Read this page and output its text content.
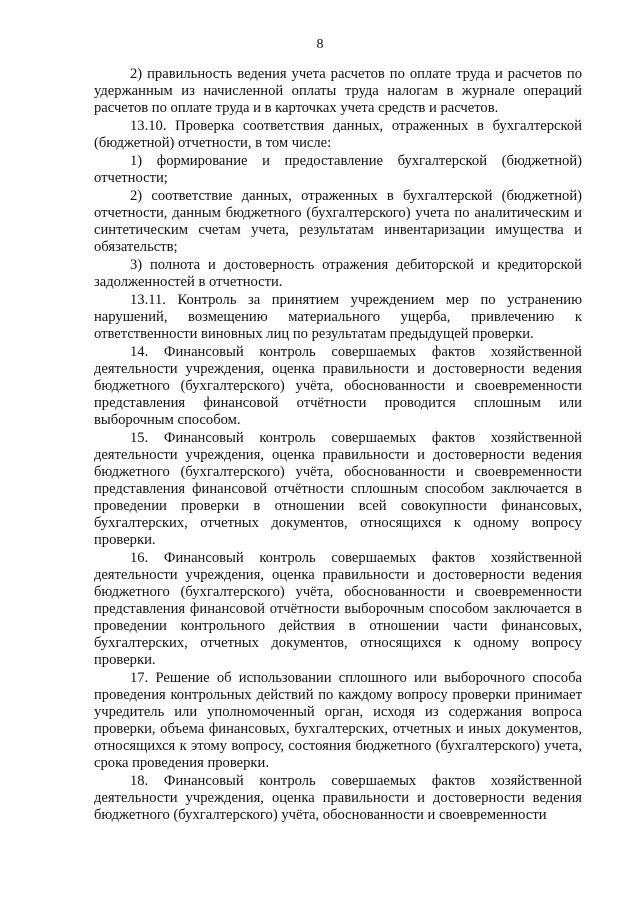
8

2) правильность ведения учета расчетов по оплате труда и расчетов по удержанным из начисленной оплаты труда налогам в журнале операций расчетов по оплате труда и в карточках учета средств и расчетов.

13.10. Проверка соответствия данных, отраженных в бухгалтерской (бюджетной) отчетности, в том числе:

1) формирование и предоставление бухгалтерской (бюджетной) отчетности;

2) соответствие данных, отраженных в бухгалтерской (бюджетной) отчетности, данным бюджетного (бухгалтерского) учета по аналитическим и синтетическим счетам учета, результатам инвентаризации имущества и обязательств;

3) полнота и достоверность отражения дебиторской и кредиторской задолженностей в отчетности.

13.11. Контроль за принятием учреждением мер по устранению нарушений, возмещению материального ущерба, привлечению к ответственности виновных лиц по результатам предыдущей проверки.

14. Финансовый контроль совершаемых фактов хозяйственной деятельности учреждения, оценка правильности и достоверности ведения бюджетного (бухгалтерского) учёта, обоснованности и своевременности представления финансовой отчётности проводится сплошным или выборочным способом.

15. Финансовый контроль совершаемых фактов хозяйственной деятельности учреждения, оценка правильности и достоверности ведения бюджетного (бухгалтерского) учёта, обоснованности и своевременности представления финансовой отчётности сплошным способом заключается в проведении проверки в отношении всей совокупности финансовых, бухгалтерских, отчетных документов, относящихся к одному вопросу проверки.

16. Финансовый контроль совершаемых фактов хозяйственной деятельности учреждения, оценка правильности и достоверности ведения бюджетного (бухгалтерского) учёта, обоснованности и своевременности представления финансовой отчётности выборочным способом заключается в проведении контрольного действия в отношении части финансовых, бухгалтерских, отчетных документов, относящихся к одному вопросу проверки.

17. Решение об использовании сплошного или выборочного способа проведения контрольных действий по каждому вопросу проверки принимает учредитель или уполномоченный орган, исходя из содержания вопроса проверки, объема финансовых, бухгалтерских, отчетных и иных документов, относящихся к этому вопросу, состояния бюджетного (бухгалтерского) учета, срока проведения проверки.

18. Финансовый контроль совершаемых фактов хозяйственной деятельности учреждения, оценка правильности и достоверности ведения бюджетного (бухгалтерского) учёта, обоснованности и своевременности
